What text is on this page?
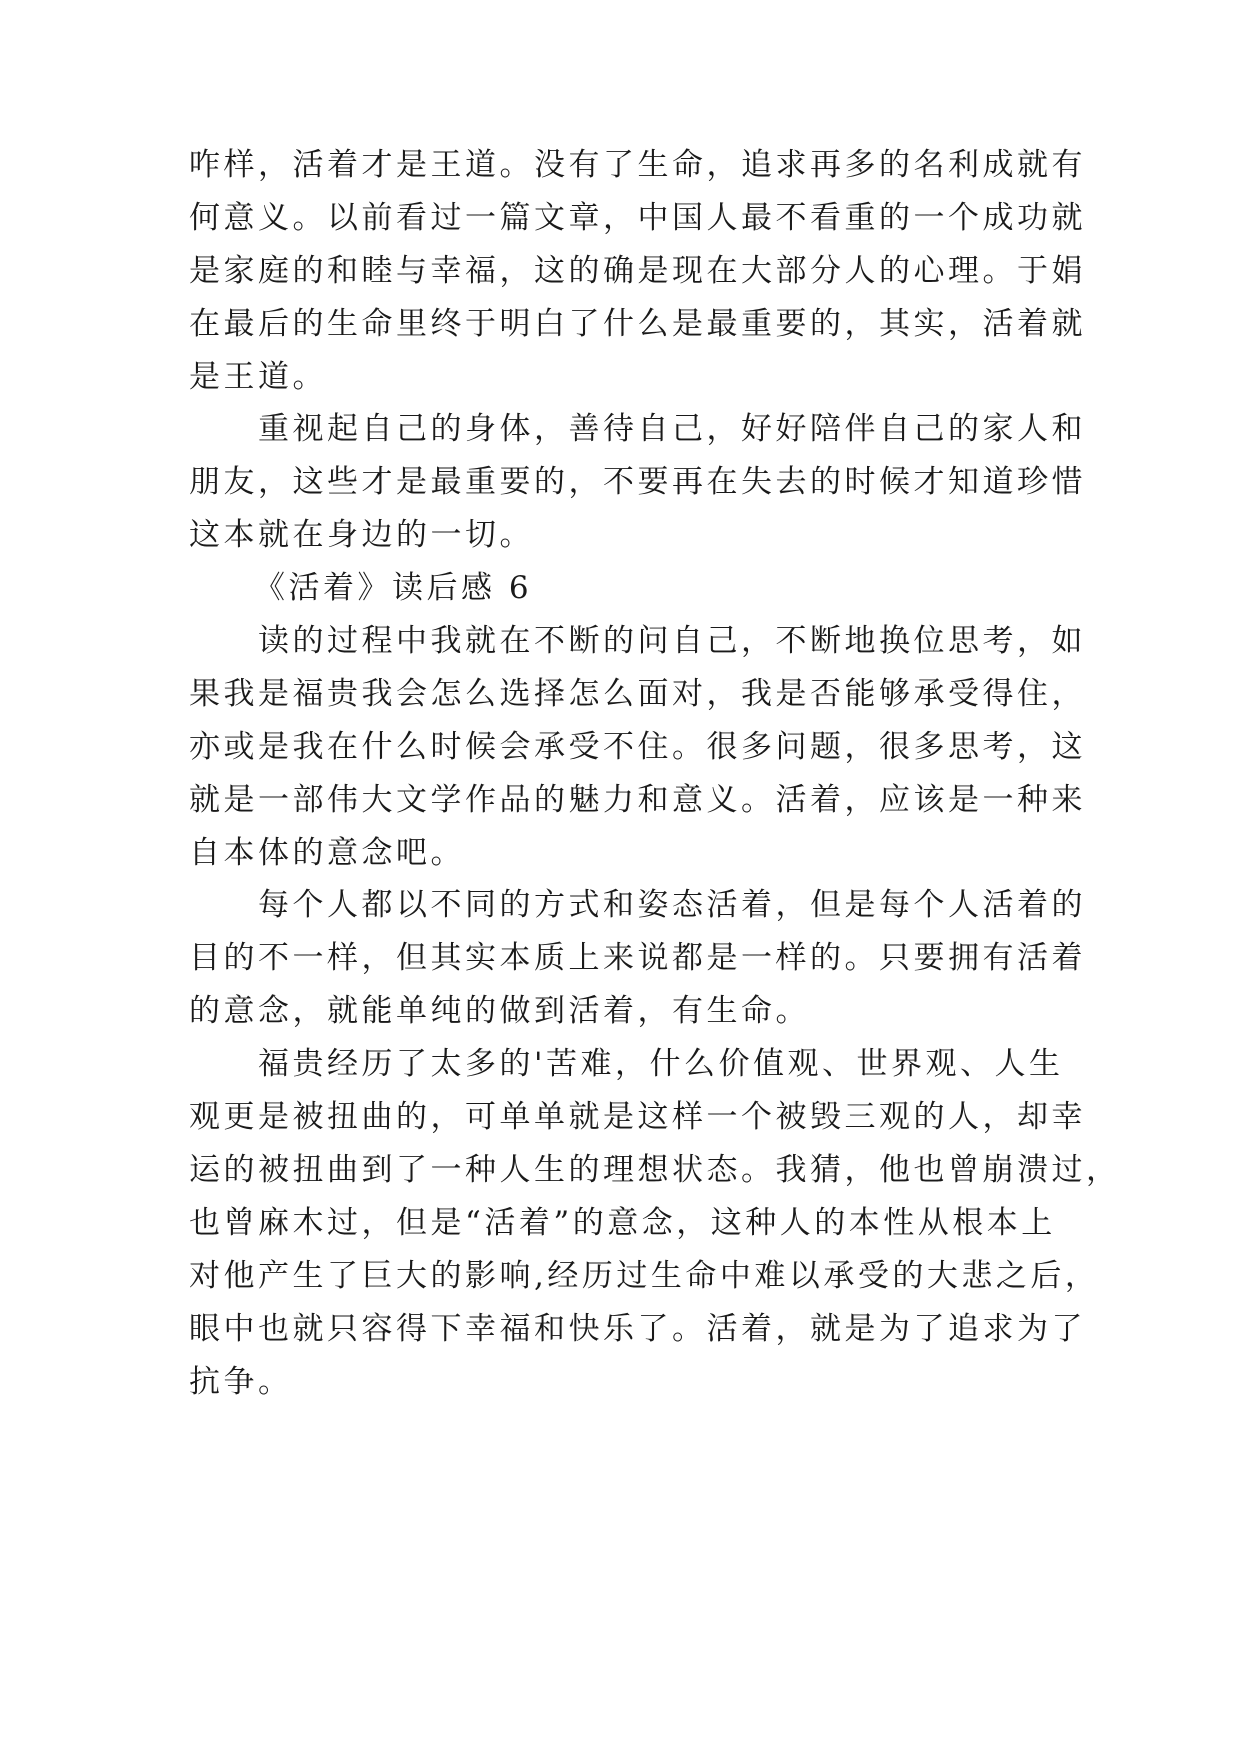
咋样，活着才是王道。没有了生命，追求再多的名利成就有
何意义。以前看过一篇文章，中国人最不看重的一个成功就
是家庭的和睦与幸福，这的确是现在大部分人的心理。于娟
在最后的生命里终于明白了什么是最重要的，其实，活着就
是王道。
　　重视起自己的身体，善待自己，好好陪伴自己的家人和
朋友，这些才是最重要的，不要再在失去的时候才知道珍惜
这本就在身边的一切。
《活着》读后感 6
　　读的过程中我就在不断的问自己，不断地换位思考，如
果我是福贵我会怎么选择怎么面对，我是否能够承受得住，
亦或是我在什么时候会承受不住。很多问题，很多思考，这
就是一部伟大文学作品的魅力和意义。活着，应该是一种来
自本体的意念吧。
　　每个人都以不同的方式和姿态活着，但是每个人活着的
目的不一样，但其实本质上来说都是一样的。只要拥有活着
的意念，就能单纯的做到活着，有生命。
　　福贵经历了太多的'苦难，什么价值观、世界观、人生
观更是被扭曲的，可单单就是这样一个被毁三观的人，却幸
运的被扭曲到了一种人生的理想状态。我猜，他也曾崩溃过，
也曾麻木过，但是“活着”的意念，这种人的本性从根本上
对他产生了巨大的影响,经历过生命中难以承受的大悲之后，
眼中也就只容得下幸福和快乐了。活着，就是为了追求为了
抗争。
